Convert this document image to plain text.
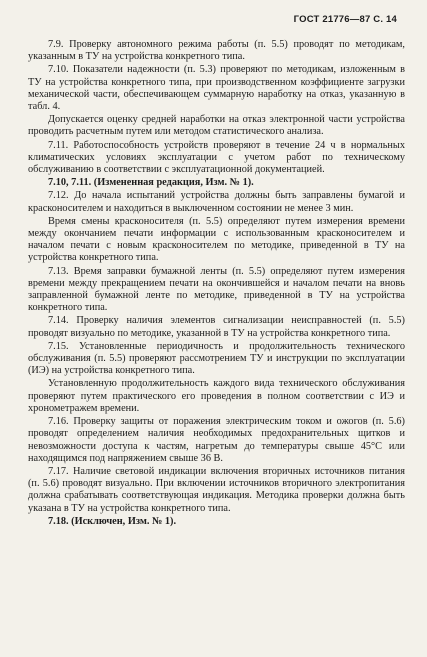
ГОСТ 21776—87 С. 14

7.9. Проверку автономного режима работы (п. 5.5) проводят по методикам, указанным в ТУ на устройства конкретного типа.

7.10. Показатели надежности (п. 5.3) проверяют по методикам, изложенным в ТУ на устройства конкретного типа, при производственном коэффициенте загрузки механической части, обеспечивающем суммарную наработку на отказ, указанную в табл. 4.

Допускается оценку средней наработки на отказ электронной части устройства проводить расчетным путем или методом статистического анализа.

7.11. Работоспособность устройств проверяют в течение 24 ч в нормальных климатических условиях эксплуатации с учетом работ по техническому обслуживанию в соответствии с эксплуатационной документацией.

7.10, 7.11. (Измененная редакция, Изм. № 1).

7.12. До начала испытаний устройства должны быть заправлены бумагой и красконосителем и находиться в выключенном состоянии не менее 3 мин.

Время смены красконосителя (п. 5.5) определяют путем измерения времени между окончанием печати информации с использованным красконосителем и началом печати с новым красконосителем по методике, приведенной в ТУ на устройства конкретного типа.

7.13. Время заправки бумажной ленты (п. 5.5) определяют путем измерения времени между прекращением печати на окончившейся и началом печати на вновь заправленной бумажной ленте по методике, приведенной в ТУ на устройства конкретного типа.

7.14. Проверку наличия элементов сигнализации неисправностей (п. 5.5) проводят визуально по методике, указанной в ТУ на устройства конкретного типа.

7.15. Установленные периодичность и продолжительность технического обслуживания (п. 5.5) проверяют рассмотрением ТУ и инструкции по эксплуатации (ИЭ) на устройства конкретного типа.

Установленную продолжительность каждого вида технического обслуживания проверяют путем практического его проведения в полном соответствии с ИЭ и хронометражем времени.

7.16. Проверку защиты от поражения электрическим током и ожогов (п. 5.6) проводят определением наличия необходимых предохранительных щитков и невозможности доступа к частям, нагретым до температуры свыше 45°С или находящимся под напряжением свыше 36 В.

7.17. Наличие световой индикации включения вторичных источников питания (п. 5.6) проводят визуально. При включении источников вторичного электропитания должна срабатывать соответствующая индикация. Методика проверки должна быть указана в ТУ на устройства конкретного типа.

7.18. (Исключен, Изм. № 1).
